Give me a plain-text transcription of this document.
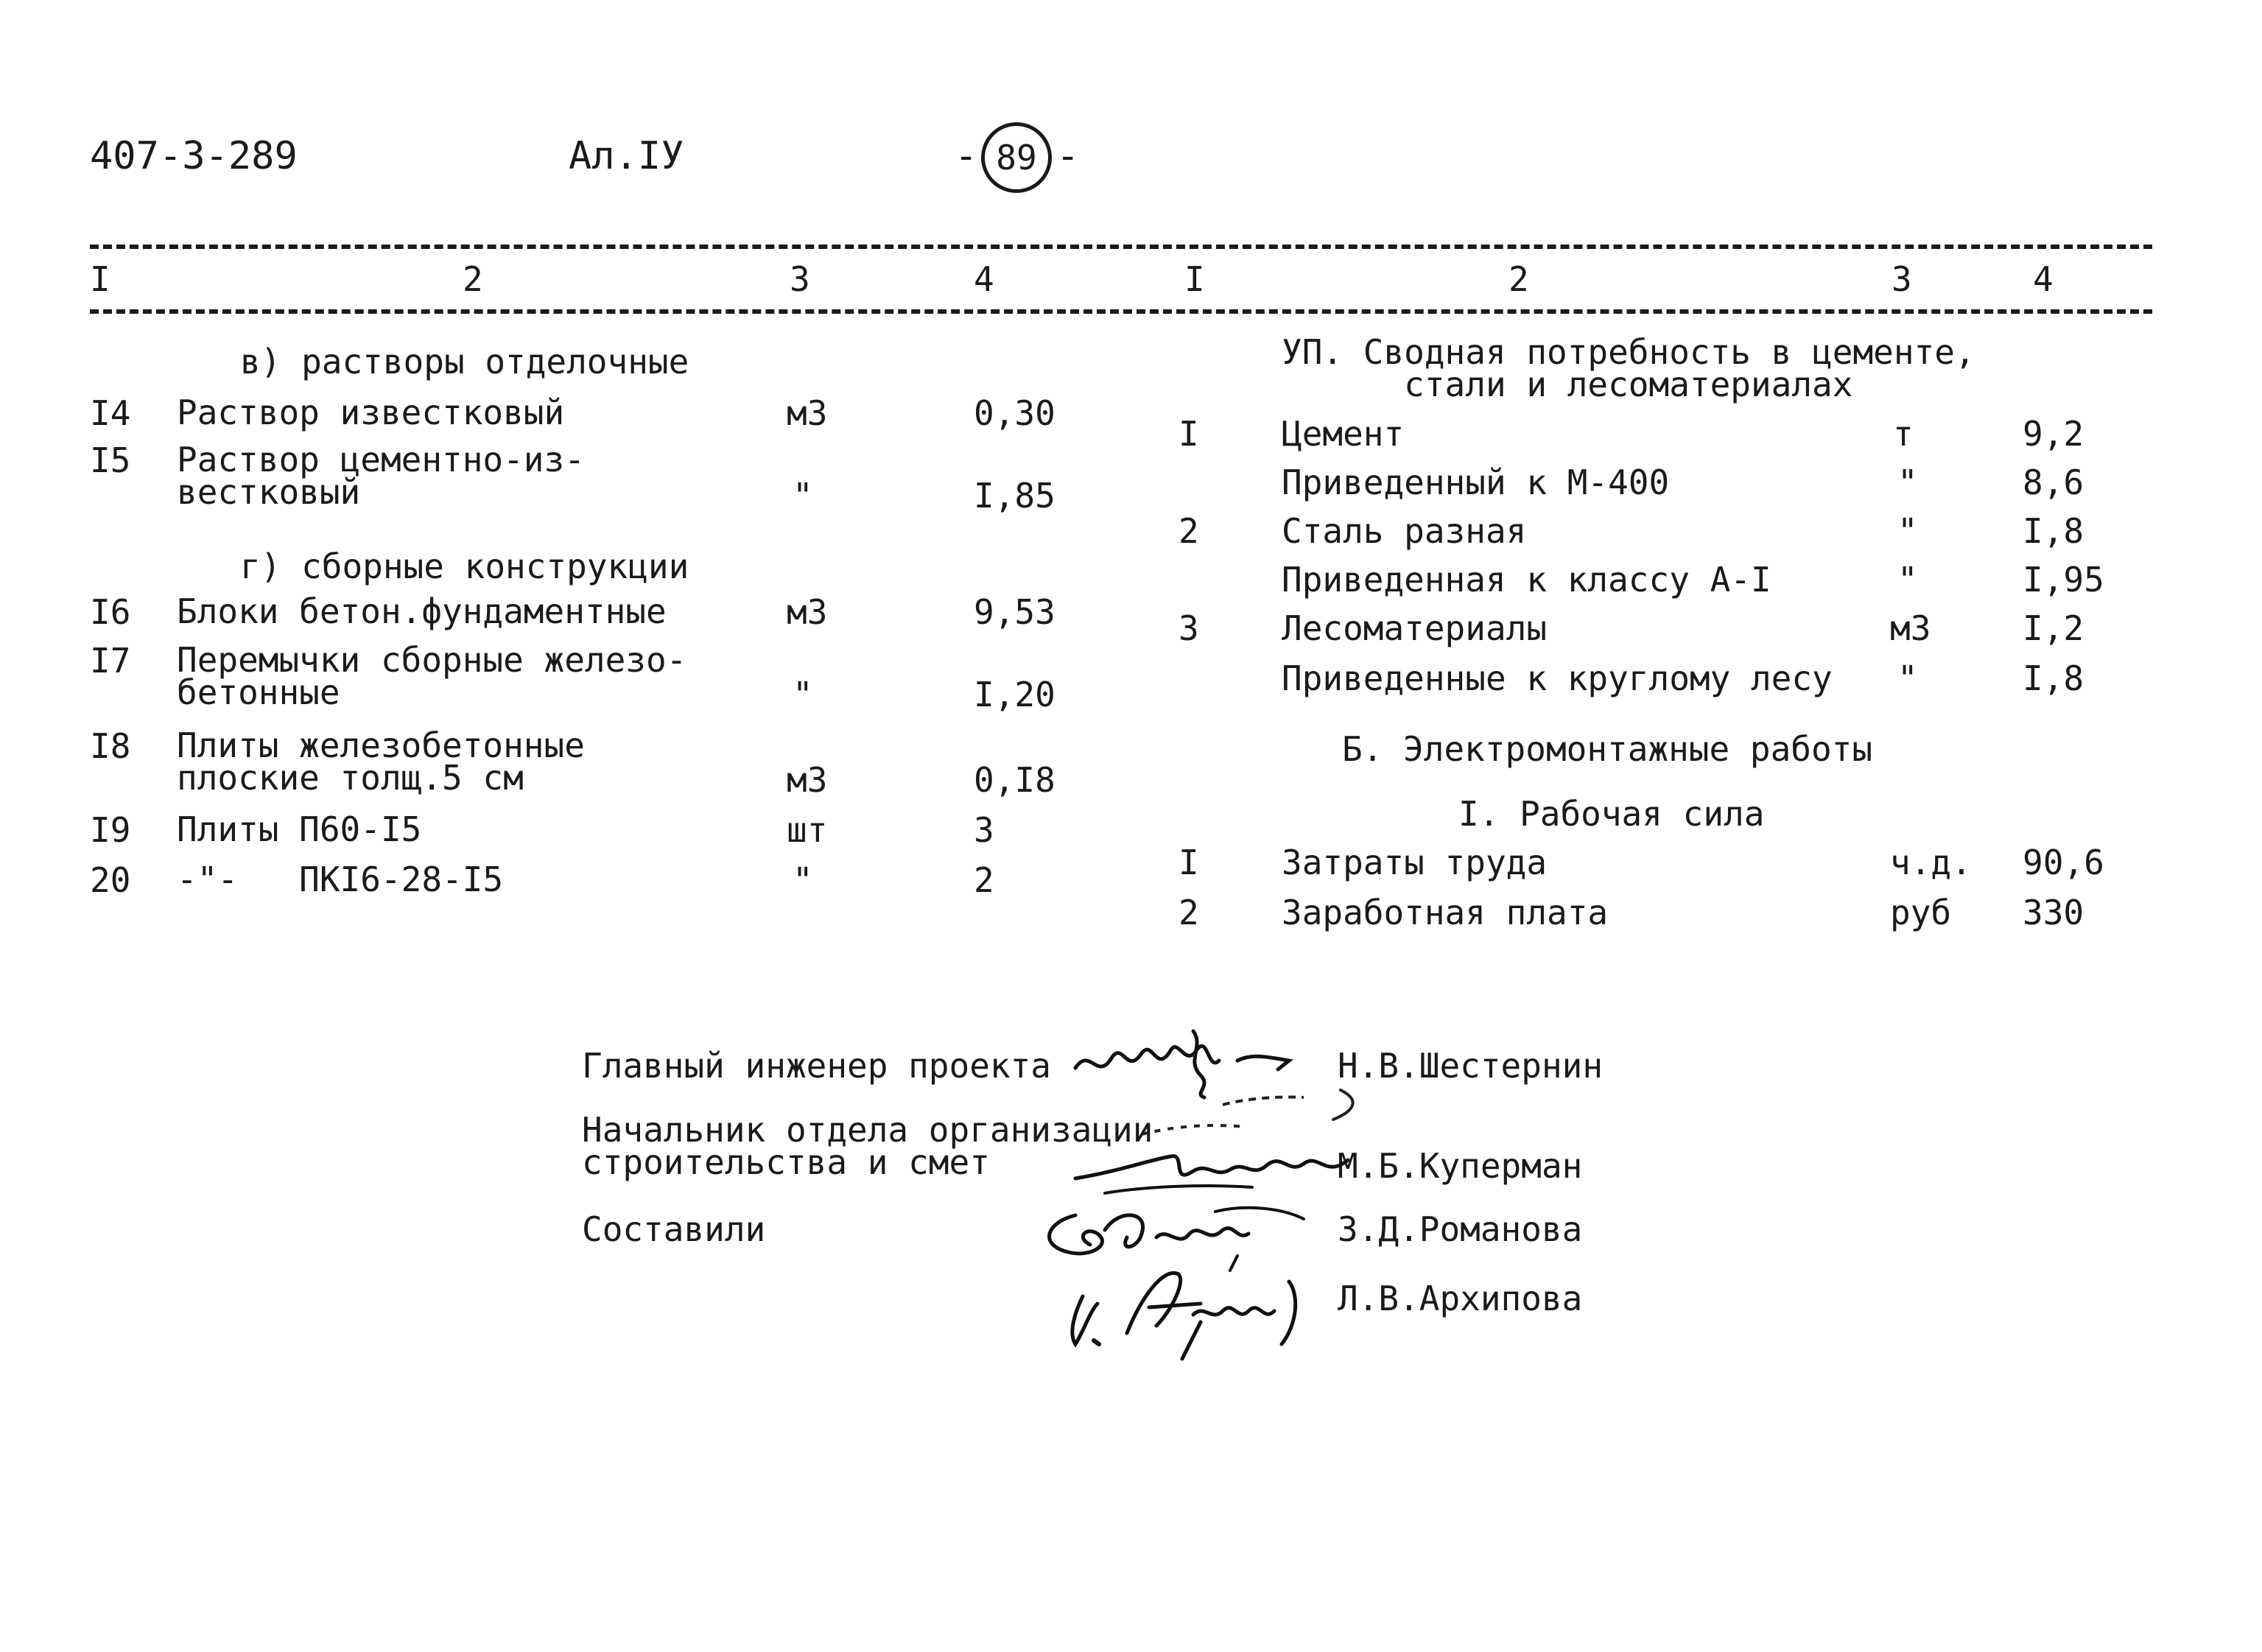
407-3-289	Ал.IУ	- 89 -
I	2	3	4	I	2	3	4
в) растворы отделочные
I4 Раствор известковый	м3	0,30
I5 Раствор цементно-из-
вестковый	"	I,85
г) сборные конструкции
I6 Блоки бетон.фундаментные	м3	9,53
I7 Перемычки сборные железо-
бетонные	"	I,20
I8 Плиты железобетонные
плоские толщ.5 см	м3	0,I8
I9 Плиты П60-I5	шт	3
20 -"-   ПКI6-28-I5	"	2
УП. Сводная потребность в цементе,
стали и лесоматериалах
I Цемент	т	9,2
Приведенный к М-400	"	8,6
2 Сталь разная	"	I,8
Приведенная к классу А-I	"	I,95
3 Лесоматериалы	м3	I,2
Приведенные к круглому лесу "	I,8
Б. Электромонтажные работы
I. Рабочая сила
I Затраты труда	ч.д. 90,6
2 Заработная плата	руб 330
Главный инженер проекта	Н.В.Шестернин
Начальник отдела организации
строительства и смет	М.Б.Куперман
Составили	З.Д.Романова
Л.В.Архипова
